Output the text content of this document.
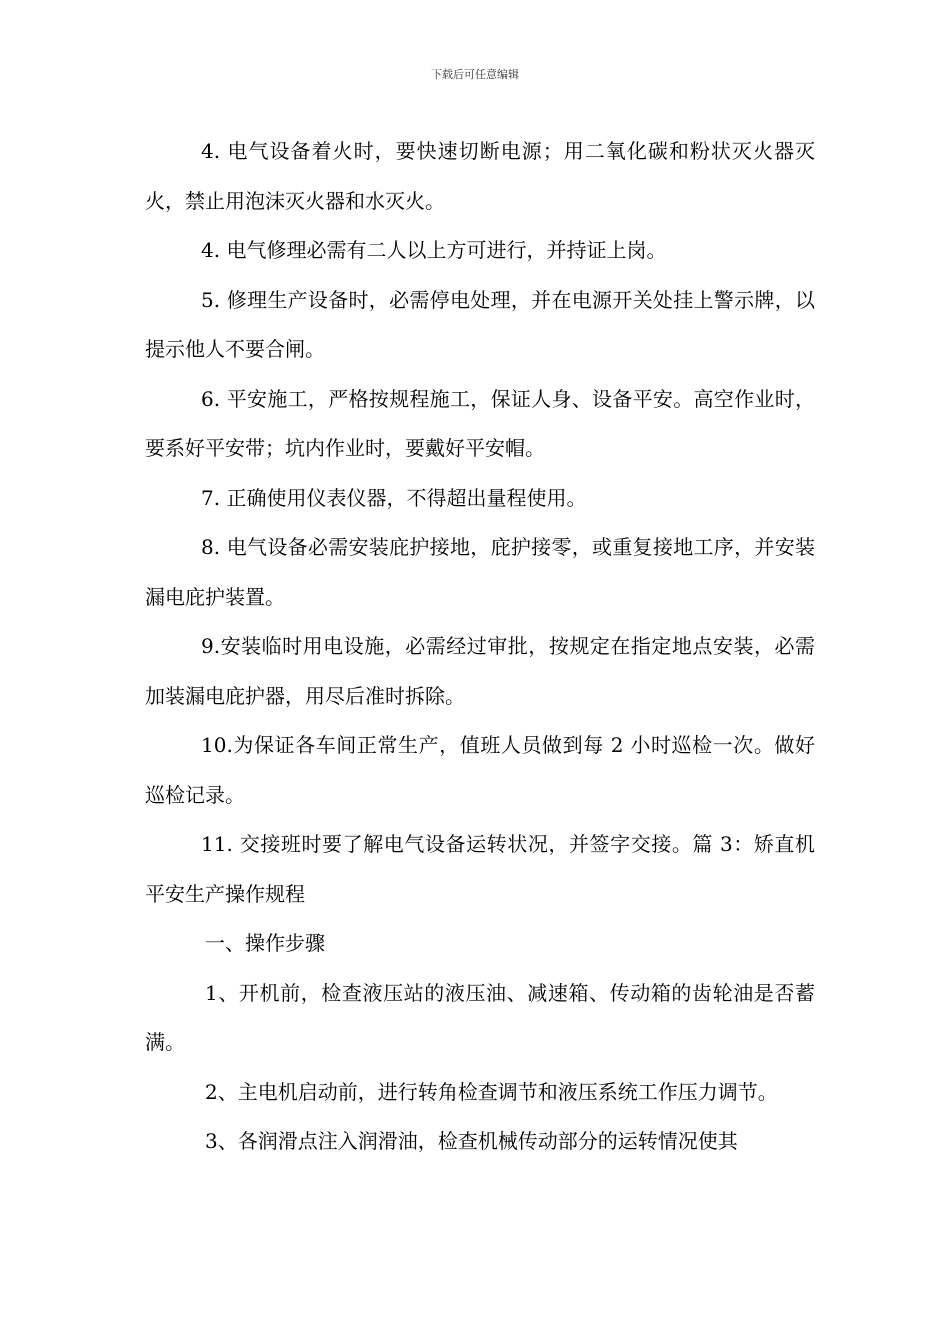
下载后可任意编辑

4. 电气设备着火时，要快速切断电源；用二氧化碳和粉状灭火器灭火，禁止用泡沫灭火器和水灭火。

4. 电气修理必需有二人以上方可进行，并持证上岗。

5. 修理生产设备时，必需停电处理，并在电源开关处挂上警示牌，以提示他人不要合闸。

6. 平安施工，严格按规程施工，保证人身、设备平安。高空作业时，要系好平安带；坑内作业时，要戴好平安帽。

7. 正确使用仪表仪器，不得超出量程使用。

8. 电气设备必需安装庇护接地，庇护接零，或重复接地工序，并安装漏电庇护装置。

9.安装临时用电设施，必需经过审批，按规定在指定地点安装，必需加装漏电庇护器，用尽后准时拆除。

10.为保证各车间正常生产，值班人员做到每 2 小时巡检一次。做好巡检记录。

11. 交接班时要了解电气设备运转状况，并签字交接。篇 3：矫直机平安生产操作规程

一、操作步骤

1、开机前，检查液压站的液压油、减速箱、传动箱的齿轮油是否蓄满。

2、主电机启动前，进行转角检查调节和液压系统工作压力调节。

3、各润滑点注入润滑油，检查机械传动部分的运转情况使其
